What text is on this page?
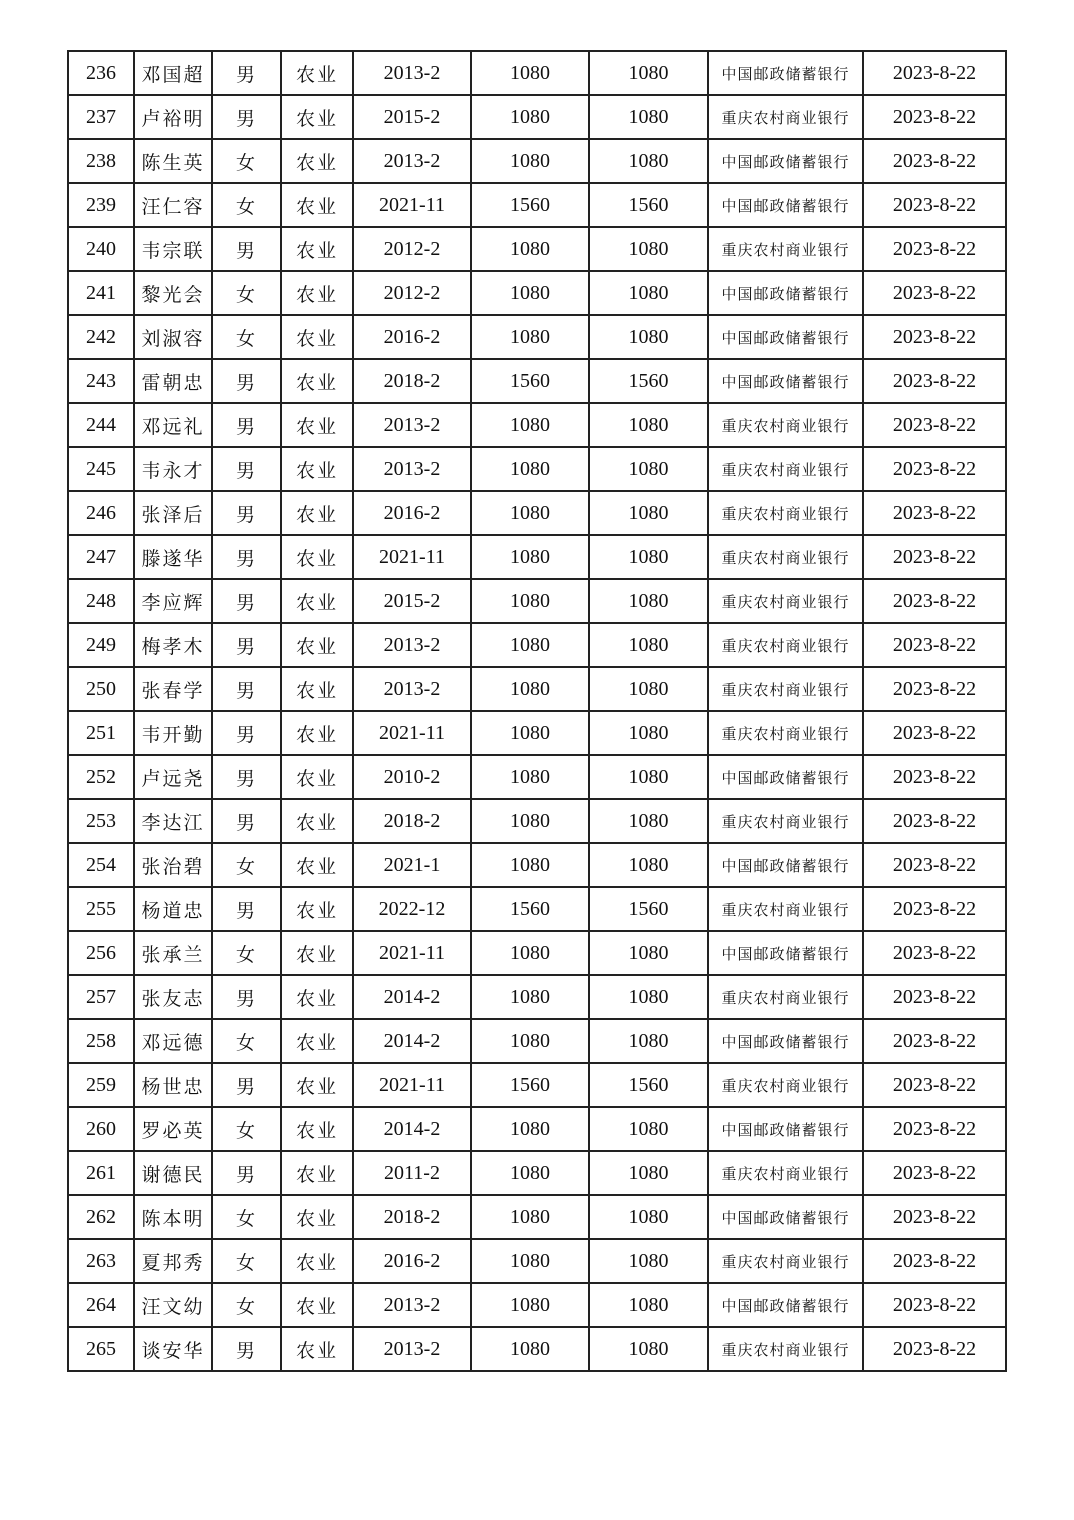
236	邓国超	男	农业	2013-2	1080	1080	中国邮政储蓄银行	2023-8-22
237	卢裕明	男	农业	2015-2	1080	1080	重庆农村商业银行	2023-8-22
238	陈生英	女	农业	2013-2	1080	1080	中国邮政储蓄银行	2023-8-22
239	汪仁容	女	农业	2021-11	1560	1560	中国邮政储蓄银行	2023-8-22
240	韦宗联	男	农业	2012-2	1080	1080	重庆农村商业银行	2023-8-22
241	黎光会	女	农业	2012-2	1080	1080	中国邮政储蓄银行	2023-8-22
242	刘淑容	女	农业	2016-2	1080	1080	中国邮政储蓄银行	2023-8-22
243	雷朝忠	男	农业	2018-2	1560	1560	中国邮政储蓄银行	2023-8-22
244	邓远礼	男	农业	2013-2	1080	1080	重庆农村商业银行	2023-8-22
245	韦永才	男	农业	2013-2	1080	1080	重庆农村商业银行	2023-8-22
246	张泽后	男	农业	2016-2	1080	1080	重庆农村商业银行	2023-8-22
247	滕遂华	男	农业	2021-11	1080	1080	重庆农村商业银行	2023-8-22
248	李应辉	男	农业	2015-2	1080	1080	重庆农村商业银行	2023-8-22
249	梅孝木	男	农业	2013-2	1080	1080	重庆农村商业银行	2023-8-22
250	张春学	男	农业	2013-2	1080	1080	重庆农村商业银行	2023-8-22
251	韦开勤	男	农业	2021-11	1080	1080	重庆农村商业银行	2023-8-22
252	卢远尧	男	农业	2010-2	1080	1080	中国邮政储蓄银行	2023-8-22
253	李达江	男	农业	2018-2	1080	1080	重庆农村商业银行	2023-8-22
254	张治碧	女	农业	2021-1	1080	1080	中国邮政储蓄银行	2023-8-22
255	杨道忠	男	农业	2022-12	1560	1560	重庆农村商业银行	2023-8-22
256	张承兰	女	农业	2021-11	1080	1080	中国邮政储蓄银行	2023-8-22
257	张友志	男	农业	2014-2	1080	1080	重庆农村商业银行	2023-8-22
258	邓远德	女	农业	2014-2	1080	1080	中国邮政储蓄银行	2023-8-22
259	杨世忠	男	农业	2021-11	1560	1560	重庆农村商业银行	2023-8-22
260	罗必英	女	农业	2014-2	1080	1080	中国邮政储蓄银行	2023-8-22
261	谢德民	男	农业	2011-2	1080	1080	重庆农村商业银行	2023-8-22
262	陈本明	女	农业	2018-2	1080	1080	中国邮政储蓄银行	2023-8-22
263	夏邦秀	女	农业	2016-2	1080	1080	重庆农村商业银行	2023-8-22
264	汪文幼	女	农业	2013-2	1080	1080	中国邮政储蓄银行	2023-8-22
265	谈安华	男	农业	2013-2	1080	1080	重庆农村商业银行	2023-8-22
